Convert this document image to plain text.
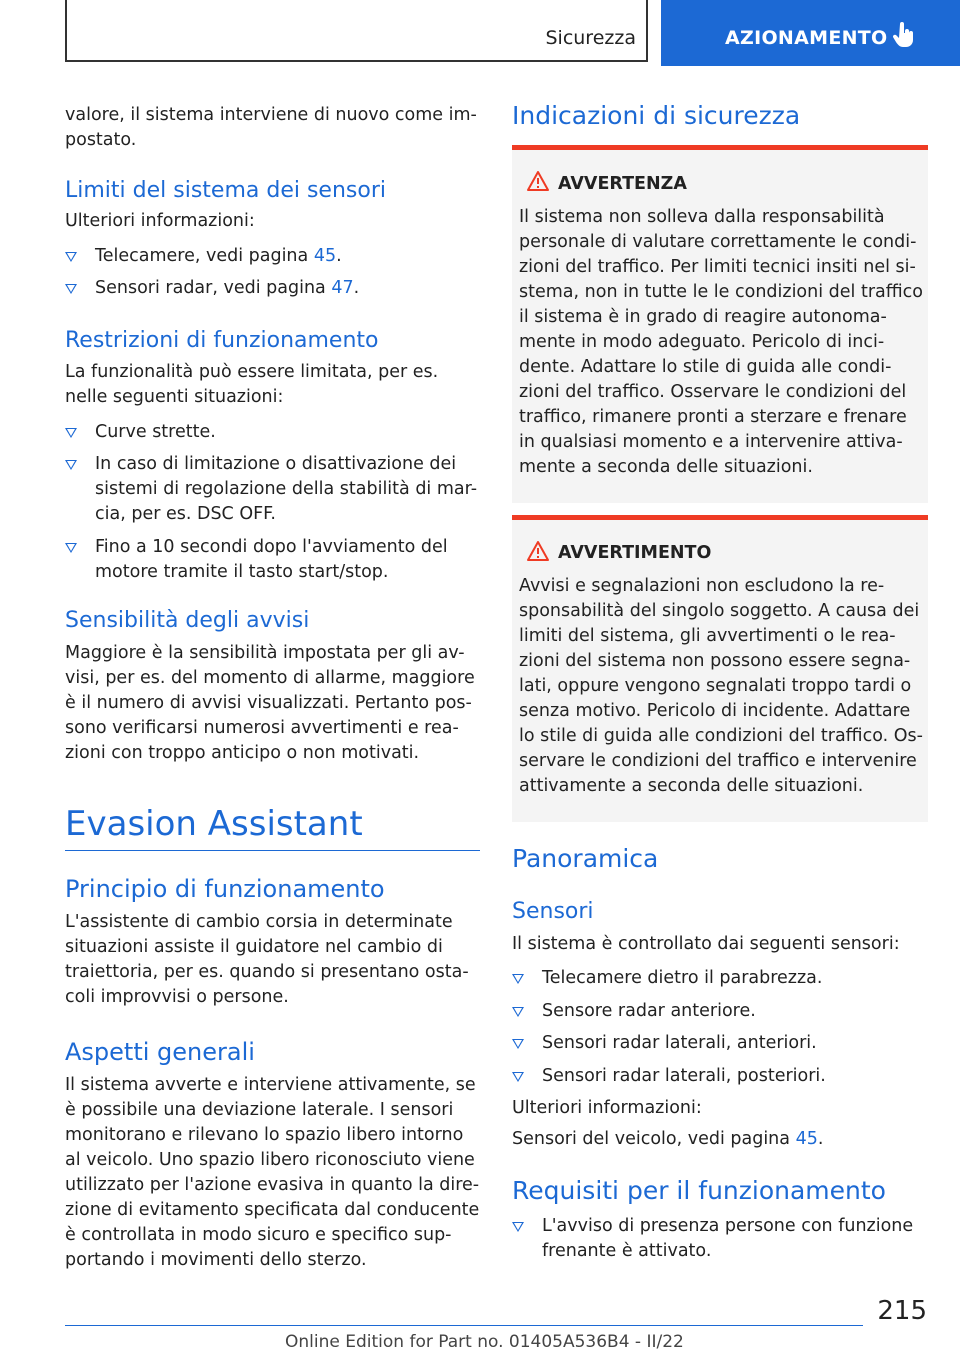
Sicurezza	AZIONAMENTO

valore, il sistema interviene di nuovo come im-postato.

Limiti del sistema dei sensori

Ulteriori informazioni:

Telecamere, vedi pagina 45.
Sensori radar, vedi pagina 47.
Restrizioni di funzionamento

La funzionalità può essere limitata, per es. nelle seguenti situazioni:

Curve strette.
In caso di limitazione o disattivazione dei sistemi di regolazione della stabilità di mar-cia, per es. DSC OFF.
Fino a 10 secondi dopo l'avviamento del motore tramite il tasto start/stop.
Sensibilità degli avvisi

Maggiore è la sensibilità impostata per gli av-visi, per es. del momento di allarme, maggiore è il numero di avvisi visualizzati. Pertanto pos-sono verificarsi numerosi avvertimenti e rea-zioni con troppo anticipo o non motivati.

Evasion Assistant
Principio di funzionamento

L'assistente di cambio corsia in determinate situazioni assiste il guidatore nel cambio di traiettoria, per es. quando si presentano osta-coli improvvisi o persone.

Aspetti generali

Il sistema avverte e interviene attivamente, se è possibile una deviazione laterale. I sensori monitorano e rilevano lo spazio libero intorno al veicolo. Uno spazio libero riconosciuto viene utilizzato per l'azione evasiva in quanto la dire-zione di evitamento specificata dal conducente è controllata in modo sicuro e specifico sup-portando i movimenti dello sterzo.

Indicazioni di sicurezza
AVVERTENZA
Il sistema non solleva dalla responsabilità personale di valutare correttamente le condi-zioni del traffico. Per limiti tecnici insiti nel si-stema, non in tutte le le condizioni del traffico il sistema è in grado di reagire autonoma-mente in modo adeguato. Pericolo di inci-dente. Adattare lo stile di guida alle condi-zioni del traffico. Osservare le condizioni del traffico, rimanere pronti a sterzare e frenare in qualsiasi momento e a intervenire attiva-mente a seconda delle situazioni.
AVVERTIMENTO
Avvisi e segnalazioni non escludono la re-sponsabilità del singolo soggetto. A causa dei limiti del sistema, gli avvertimenti o le rea-zioni del sistema non possono essere segna-lati, oppure vengono segnalati troppo tardi o senza motivo. Pericolo di incidente. Adattare lo stile di guida alle condizioni del traffico. Os-servare le condizioni del traffico e intervenire attivamente a seconda delle situazioni.
Panoramica
Sensori

Il sistema è controllato dai seguenti sensori:

Telecamere dietro il parabrezza.
Sensore radar anteriore.
Sensori radar laterali, anteriori.
Sensori radar laterali, posteriori.

Ulteriori informazioni:

Sensori del veicolo, vedi pagina 45.

Requisiti per il funzionamento
L'avviso di presenza persone con funzione frenante è attivato.
215
Online Edition for Part no. 01405A536B4 - II/22
